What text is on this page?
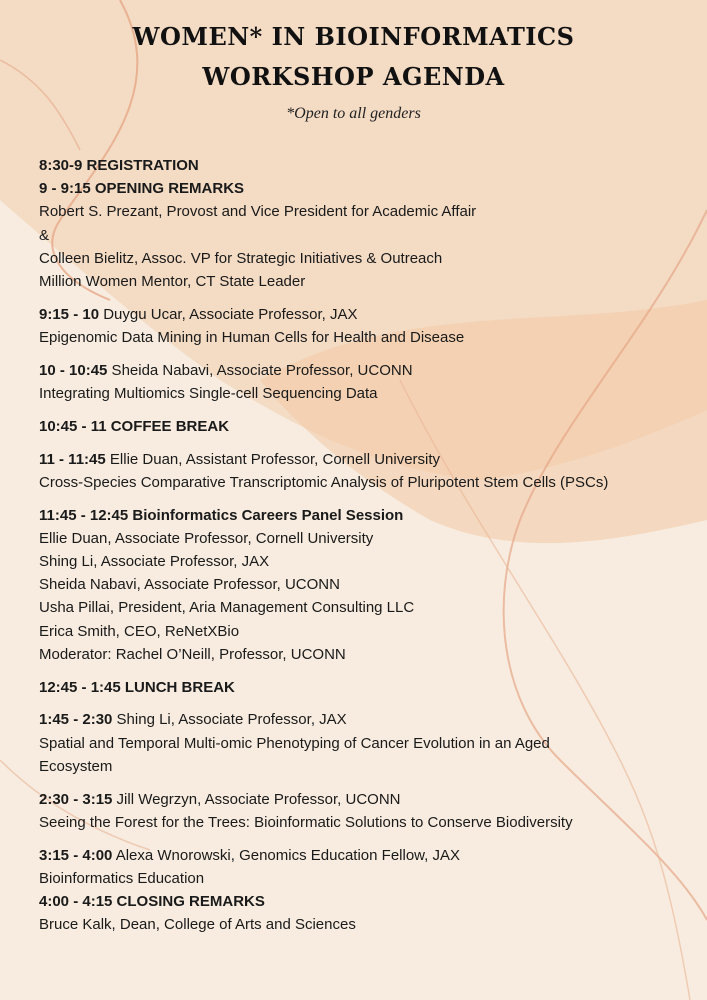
WOMEN* IN BIOINFORMATICS
WORKSHOP AGENDA
*Open to all genders
8:30-9 REGISTRATION
9 - 9:15 OPENING REMARKS
Robert S. Prezant, Provost and Vice President for Academic Affair
&
Colleen Bielitz, Assoc. VP for Strategic Initiatives & Outreach
Million Women Mentor, CT State Leader
9:15 - 10 Duygu Ucar, Associate Professor, JAX
Epigenomic Data Mining in Human Cells for Health and Disease
10 - 10:45 Sheida Nabavi, Associate Professor, UCONN
Integrating Multiomics Single-cell Sequencing Data
10:45 - 11 COFFEE BREAK
11 - 11:45 Ellie Duan, Assistant Professor, Cornell University
Cross-Species Comparative Transcriptomic Analysis of Pluripotent Stem Cells (PSCs)
11:45 - 12:45 Bioinformatics Careers Panel Session
Ellie Duan, Associate Professor, Cornell University
Shing Li, Associate Professor, JAX
Sheida Nabavi, Associate Professor, UCONN
Usha Pillai, President, Aria Management Consulting LLC
Erica Smith, CEO, ReNetXBio
Moderator: Rachel O’Neill, Professor, UCONN
12:45 - 1:45 LUNCH BREAK
1:45 - 2:30 Shing Li, Associate Professor, JAX
Spatial and Temporal Multi-omic Phenotyping of Cancer Evolution in an Aged
Ecosystem
2:30 - 3:15 Jill Wegrzyn, Associate Professor, UCONN
Seeing the Forest for the Trees: Bioinformatic Solutions to Conserve Biodiversity
3:15 - 4:00 Alexa Wnorowski, Genomics Education Fellow, JAX
Bioinformatics Education
4:00 - 4:15 CLOSING REMARKS
Bruce Kalk, Dean, College of Arts and Sciences
